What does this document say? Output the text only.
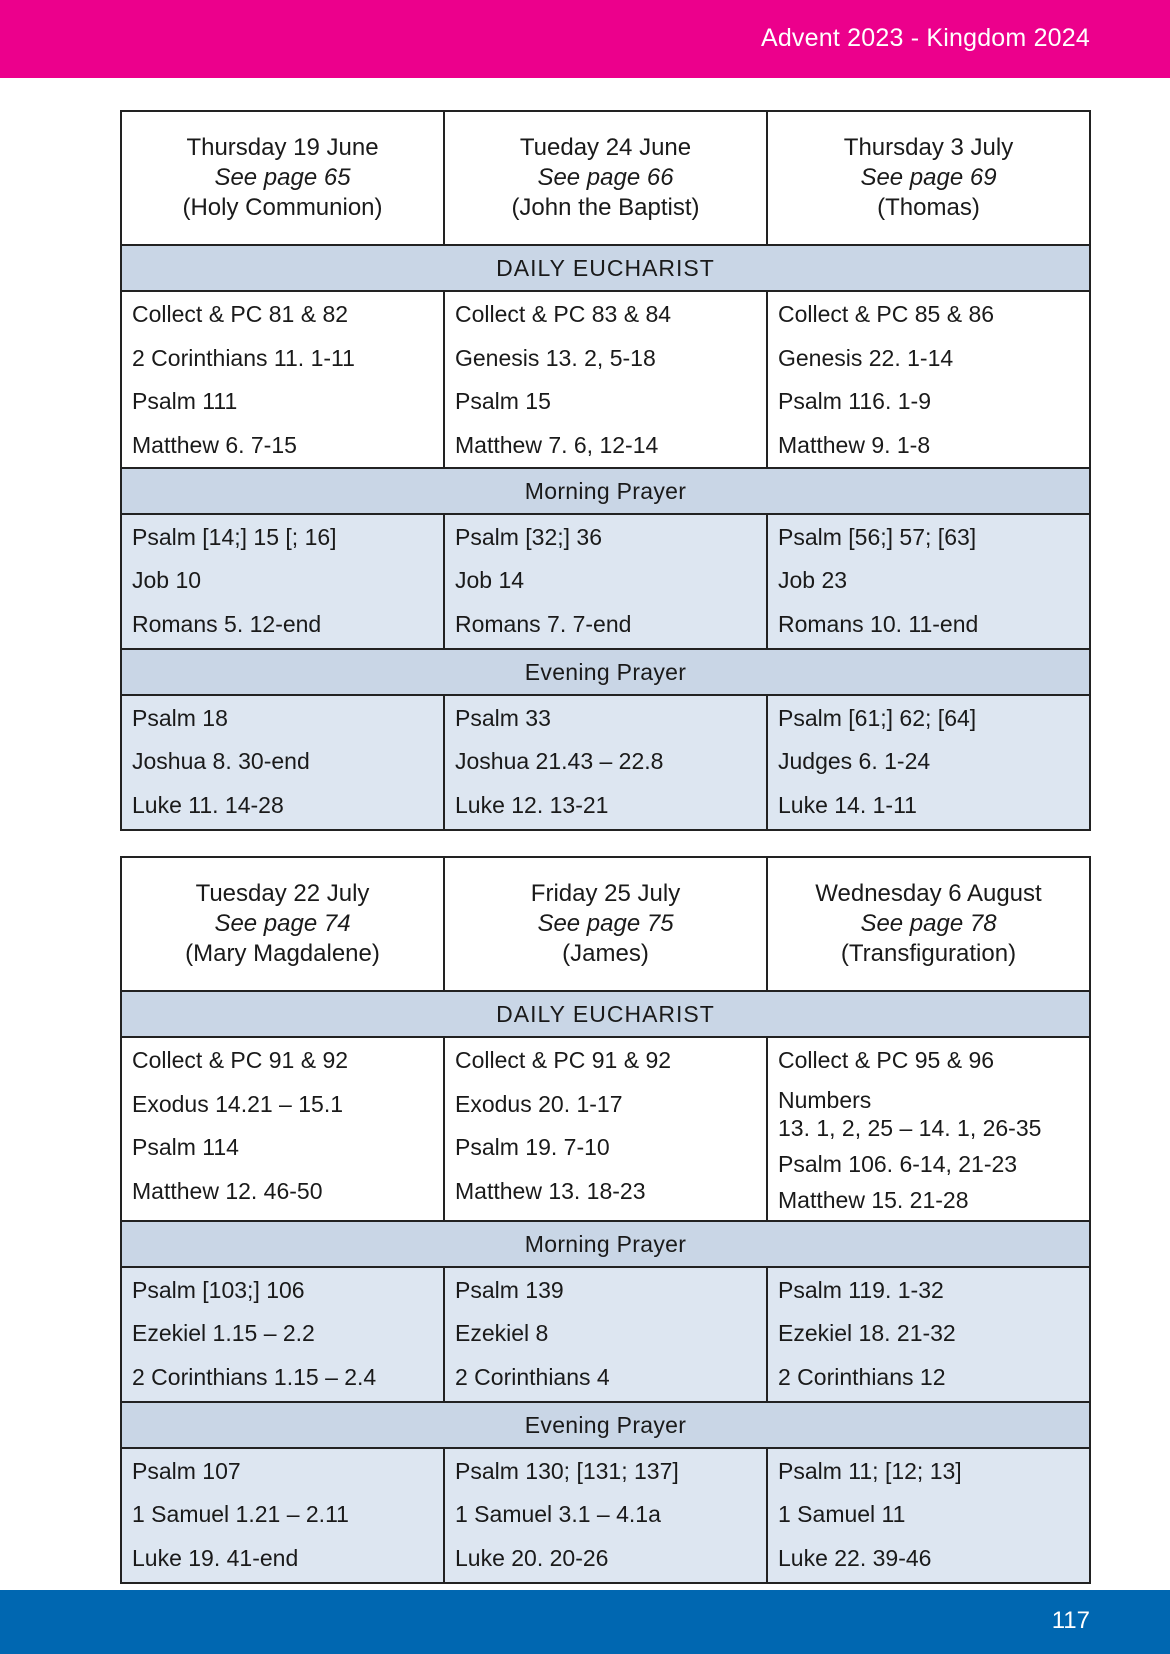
Advent 2023 - Kingdom 2024
Thursday 19 June
See page 65
(Holy Communion)	Tueday 24 June
See page 66
(John the Baptist)	Thursday 3 July
See page 69
(Thomas)

DAILY EUCHARIST		

Collect & PC 81 & 82
2 Corinthians 11. 1-11
Psalm 111
Matthew 6. 7-15	Collect & PC 83 & 84
Genesis 13. 2, 5-18
Psalm 15
Matthew 7. 6, 12-14	Collect & PC 85 & 86
Genesis 22. 1-14
Psalm 116. 1-9
Matthew 9. 1-8

Morning Prayer		

Psalm [14;] 15 [; 16]
Job 10
Romans 5. 12-end	Psalm [32;] 36
Job 14
Romans 7. 7-end	Psalm [56;] 57; [63]
Job 23
Romans 10. 11-end

Evening Prayer		

Psalm 18
Joshua 8. 30-end
Luke 11. 14-28	Psalm 33
Joshua 21.43 – 22.8
Luke 12. 13-21	Psalm [61;] 62; [64]
Judges 6. 1-24
Luke 14. 1-11
Tuesday 22 July
See page 74
(Mary Magdalene)	Friday 25 July
See page 75
(James)	Wednesday 6 August
See page 78
(Transfiguration)

DAILY EUCHARIST		

Collect & PC 91 & 92
Exodus 14.21 – 15.1
Psalm 114
Matthew 12. 46-50	Collect & PC 91 & 92
Exodus 20. 1-17
Psalm 19. 7-10
Matthew 13. 18-23	Collect & PC 95 & 96
Numbers
13. 1, 2, 25 – 14. 1, 26-35
Psalm 106. 6-14, 21-23
Matthew 15. 21-28

Morning Prayer		

Psalm [103;] 106
Ezekiel 1.15 – 2.2
2 Corinthians 1.15 – 2.4	Psalm 139
Ezekiel 8
2 Corinthians 4	Psalm 119. 1-32
Ezekiel 18. 21-32
2 Corinthians 12

Evening Prayer		

Psalm 107
1 Samuel 1.21 – 2.11
Luke 19. 41-end	Psalm 130; [131; 137]
1 Samuel 3.1 – 4.1a
Luke 20. 20-26	Psalm 11; [12; 13]
1 Samuel 11
Luke 22. 39-46
117
